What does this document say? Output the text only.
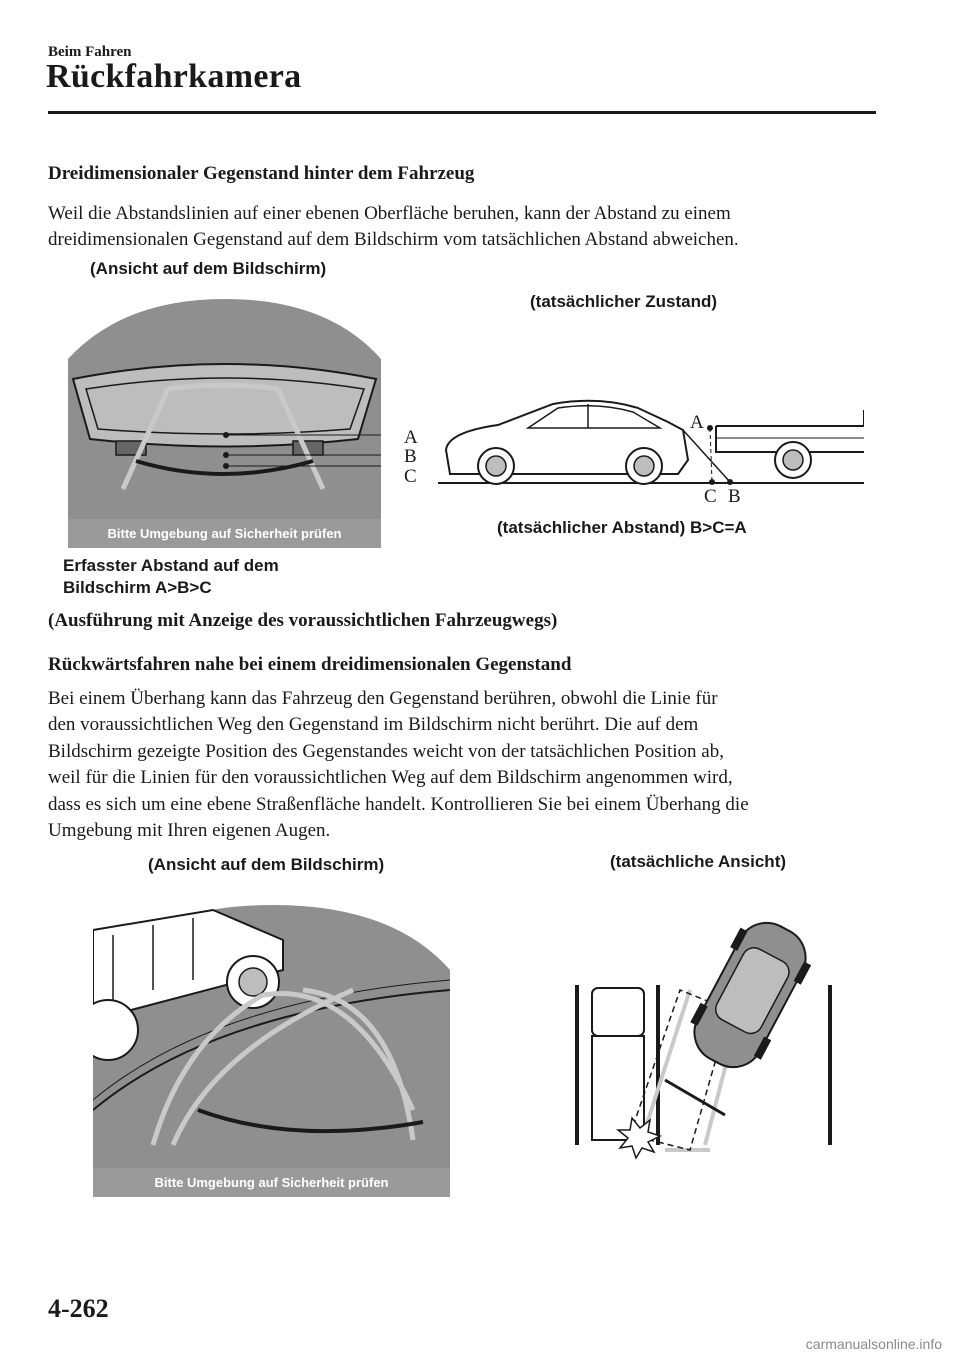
Beim Fahren
Rückfahrkamera
Dreidimensionaler Gegenstand hinter dem Fahrzeug
Weil die Abstandslinien auf einer ebenen Oberfläche beruhen, kann der Abstand zu einem
dreidimensionalen Gegenstand auf dem Bildschirm vom tatsächlichen Abstand abweichen.
(Ansicht auf dem Bildschirm)
(tatsächlicher Zustand)
Bitte Umgebung auf Sicherheit prüfen
A
B
C
A
C B
(tatsächlicher Abstand) B>C=A
Erfasster Abstand auf dem
Bildschirm A>B>C
(Ausführung mit Anzeige des voraussichtlichen Fahrzeugwegs)
Rückwärtsfahren nahe bei einem dreidimensionalen Gegenstand
Bei einem Überhang kann das Fahrzeug den Gegenstand berühren, obwohl die Linie für
den voraussichtlichen Weg den Gegenstand im Bildschirm nicht berührt. Die auf dem
Bildschirm gezeigte Position des Gegenstandes weicht von der tatsächlichen Position ab,
weil für die Linien für den voraussichtlichen Weg auf dem Bildschirm angenommen wird,
dass es sich um eine ebene Straßenfläche handelt. Kontrollieren Sie bei einem Überhang die
Umgebung mit Ihren eigenen Augen.
(Ansicht auf dem Bildschirm)	(tatsächliche Ansicht)
Bitte Umgebung auf Sicherheit prüfen
4-262
carmanualsonline.info
